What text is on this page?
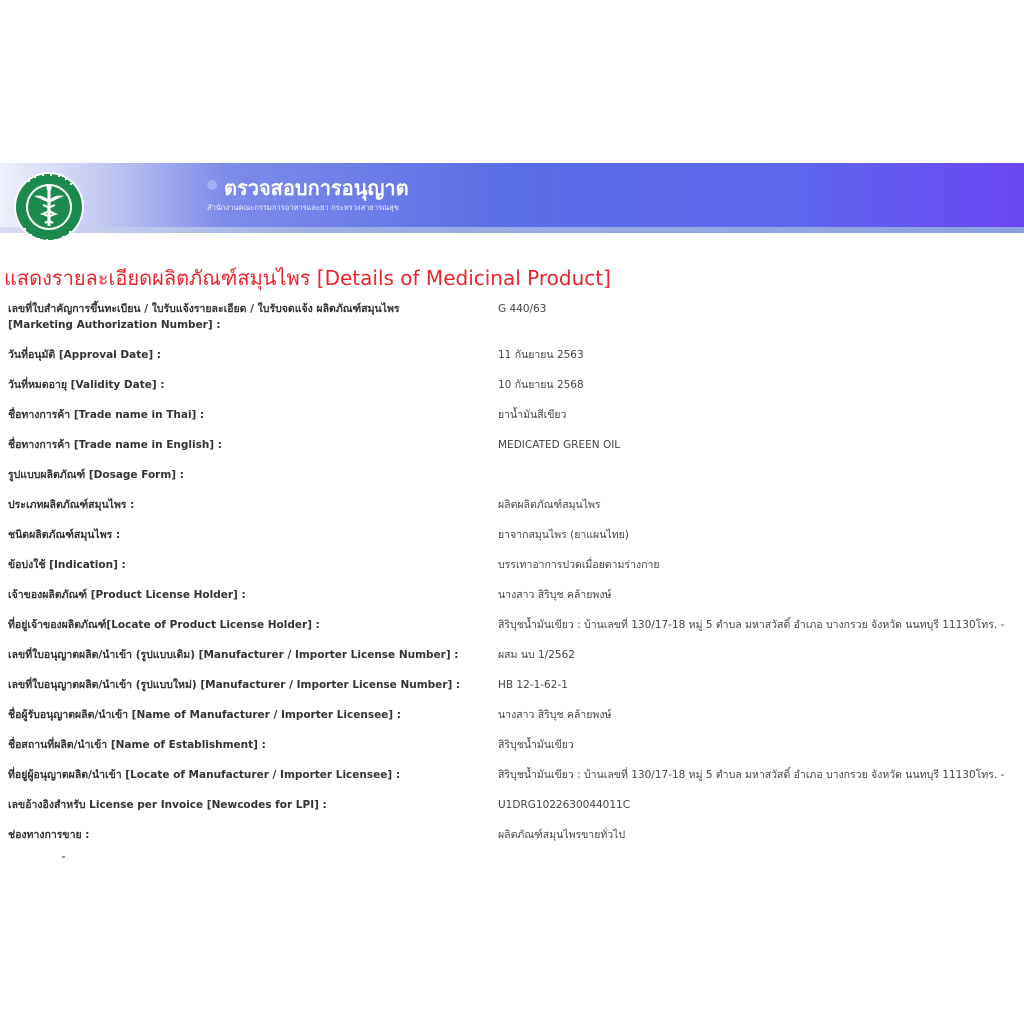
ตรวจสอบการอนุญาต
สำนักงานคณะกรรมการอาหารและยา กระทรวงสาธารณสุข
แสดงรายละเอียดผลิตภัณฑ์สมุนไพร [Details of Medicinal Product]
เลขที่ใบสำคัญการขึ้นทะเบียน / ใบรับแจ้งรายละเอียด / ใบรับจดแจ้ง ผลิตภัณฑ์สมุนไพร
[Marketing Authorization Number] :
G 440/63
วันที่อนุมัติ [Approval Date] :	11 กันยายน 2563
วันที่หมดอายุ [Validity Date] :	10 กันยายน 2568
ชื่อทางการค้า [Trade name in Thai] :	ยาน้ำมันสีเขียว
ชื่อทางการค้า [Trade name in English] :	MEDICATED GREEN OIL
รูปแบบผลิตภัณฑ์ [Dosage Form] :
ประเภทผลิตภัณฑ์สมุนไพร :	ผลิตผลิตภัณฑ์สมุนไพร
ชนิดผลิตภัณฑ์สมุนไพร :	ยาจากสมุนไพร (ยาแผนไทย)
ข้อบ่งใช้ [Indication] :	บรรเทาอาการปวดเมื่อยตามร่างกาย
เจ้าของผลิตภัณฑ์ [Product License Holder] :	นางสาว สิริบุช คล้ายพงษ์
ที่อยู่เจ้าของผลิตภัณฑ์[Locate of Product License Holder] :	สิริบุชน้ำมันเขียว : บ้านเลขที่ 130/17-18 หมู่ 5 ตำบล มหาสวัสดิ์ อำเภอ บางกรวย จังหวัด นนทบุรี 11130โทร. -
เลขที่ใบอนุญาตผลิต/นำเข้า (รูปแบบเดิม) [Manufacturer / Importer License Number] :	ผสม นบ 1/2562
เลขที่ใบอนุญาตผลิต/นำเข้า (รูปแบบใหม่) [Manufacturer / Importer License Number] :	HB 12-1-62-1
ชื่อผู้รับอนุญาตผลิต/นำเข้า [Name of Manufacturer / Importer Licensee] :	นางสาว สิริบุช คล้ายพงษ์
ชื่อสถานที่ผลิต/นำเข้า [Name of Establishment] :	สิริบุชน้ำมันเขียว
ที่อยู่ผู้อนุญาตผลิต/นำเข้า [Locate of Manufacturer / Importer Licensee] :	สิริบุชน้ำมันเขียว : บ้านเลขที่ 130/17-18 หมู่ 5 ตำบล มหาสวัสดิ์ อำเภอ บางกรวย จังหวัด นนทบุรี 11130โทร. -
เลขอ้างอิงสำหรับ License per Invoice [Newcodes for LPI] :	U1DRG1022630044011C
ช่องทางการขาย :	ผลิตภัณฑ์สมุนไพรขายทั่วไป
